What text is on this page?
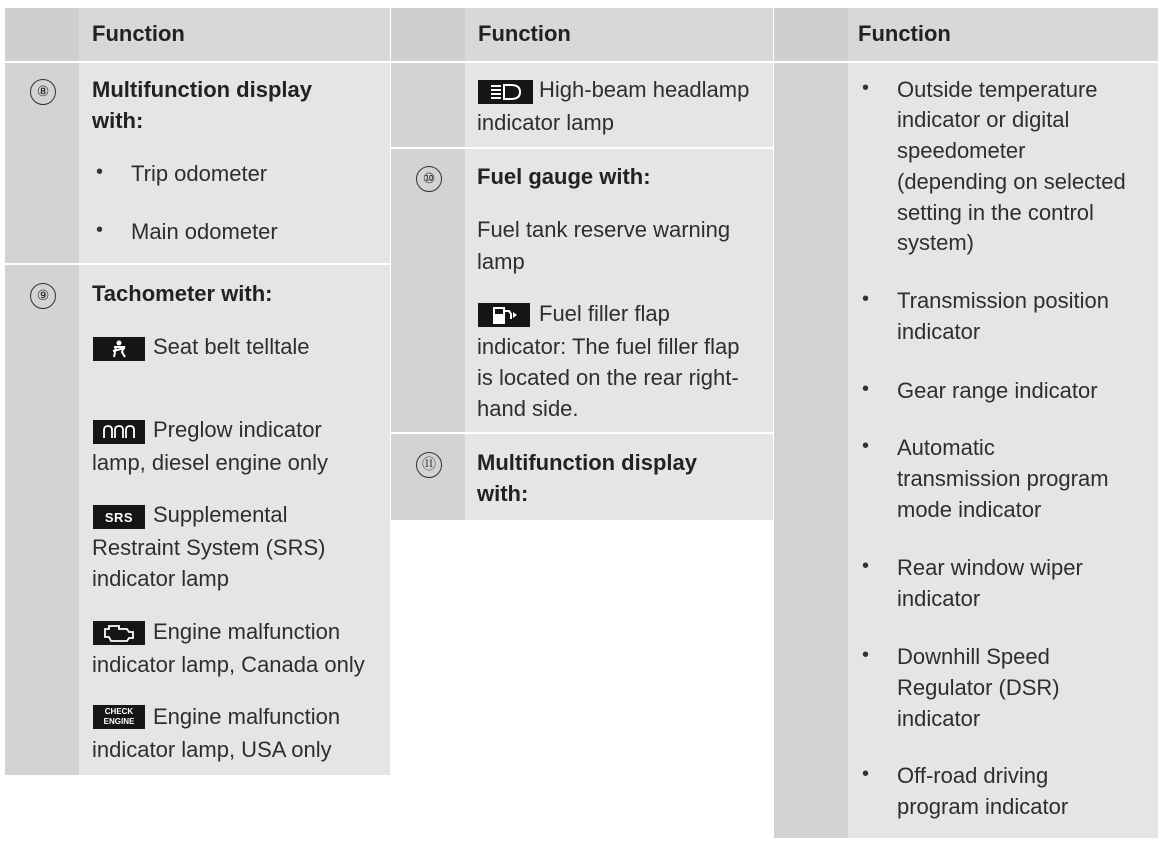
Function
⑧	Multifunction display
with:
• Trip odometer
• Main odometer
⑨	Tachometer with:
Seat belt telltale
Preglow indicator
lamp, diesel engine only
SRS Supplemental
Restraint System (SRS)
indicator lamp
Engine malfunction
indicator lamp, Canada only
CHECK
ENGINE Engine malfunction
indicator lamp, USA only
Function
High-beam headlamp
indicator lamp
⑩	Fuel gauge with:
Fuel tank reserve warning
lamp
Fuel filler flap
indicator: The fuel filler flap
is located on the rear right-
hand side.
⑪ Multifunction display
with:
Function
• Outside temperature
indicator or digital
speedometer
(depending on selected
setting in the control
system)
• Transmission position
indicator
• Gear range indicator
• Automatic
transmission program
mode indicator
• Rear window wiper
indicator
• Downhill Speed
Regulator (DSR)
indicator
• Off-road driving
program indicator
